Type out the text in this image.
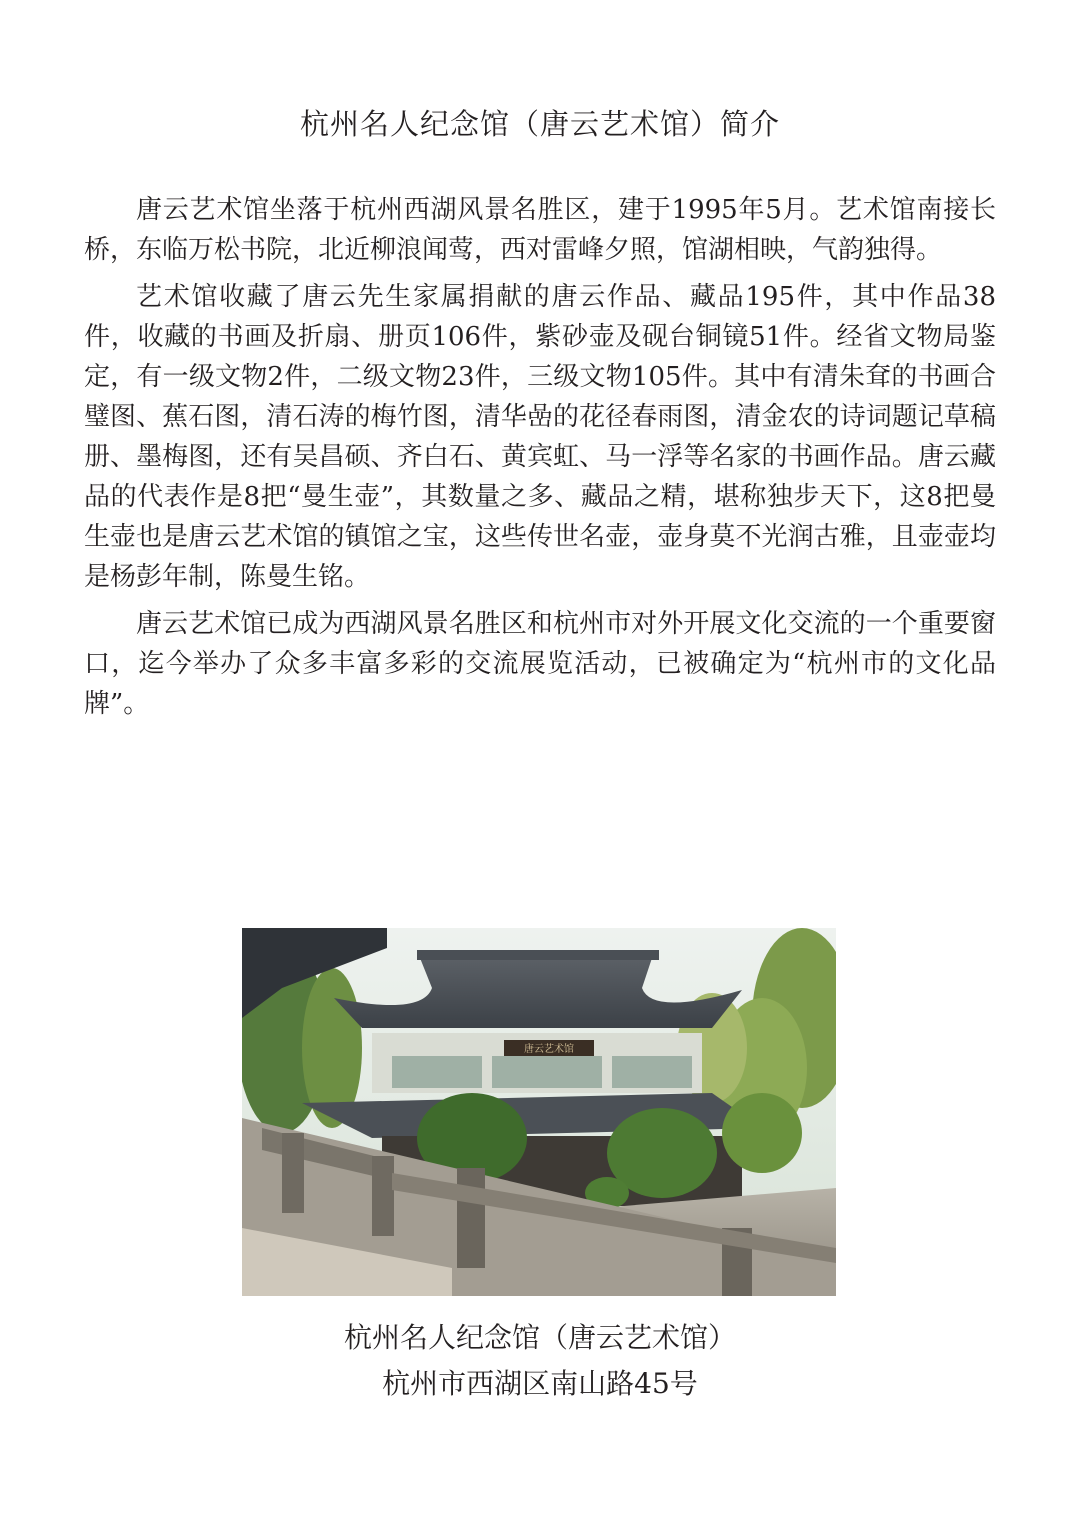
杭州名人纪念馆（唐云艺术馆）简介

唐云艺术馆坐落于杭州西湖风景名胜区，建于1995年5月。艺术馆南接长桥，东临万松书院，北近柳浪闻莺，西对雷峰夕照，馆湖相映，气韵独得。

艺术馆收藏了唐云先生家属捐献的唐云作品、藏品195件，其中作品38件，收藏的书画及折扇、册页106件，紫砂壶及砚台铜镜51件。经省文物局鉴定，有一级文物2件，二级文物23件，三级文物105件。其中有清朱耷的书画合璧图、蕉石图，清石涛的梅竹图，清华嵒的花径春雨图，清金农的诗词题记草稿册、墨梅图，还有吴昌硕、齐白石、黄宾虹、马一浮等名家的书画作品。唐云藏品的代表作是8把“曼生壶”，其数量之多、藏品之精，堪称独步天下，这8把曼生壶也是唐云艺术馆的镇馆之宝，这些传世名壶，壶身莫不光润古雅，且壶壶均是杨彭年制，陈曼生铭。

唐云艺术馆已成为西湖风景名胜区和杭州市对外开展文化交流的一个重要窗口，迄今举办了众多丰富多彩的交流展览活动，已被确定为“杭州市的文化品牌”。

唐云艺术馆
杭州名人纪念馆（唐云艺术馆）
杭州市西湖区南山路45号
